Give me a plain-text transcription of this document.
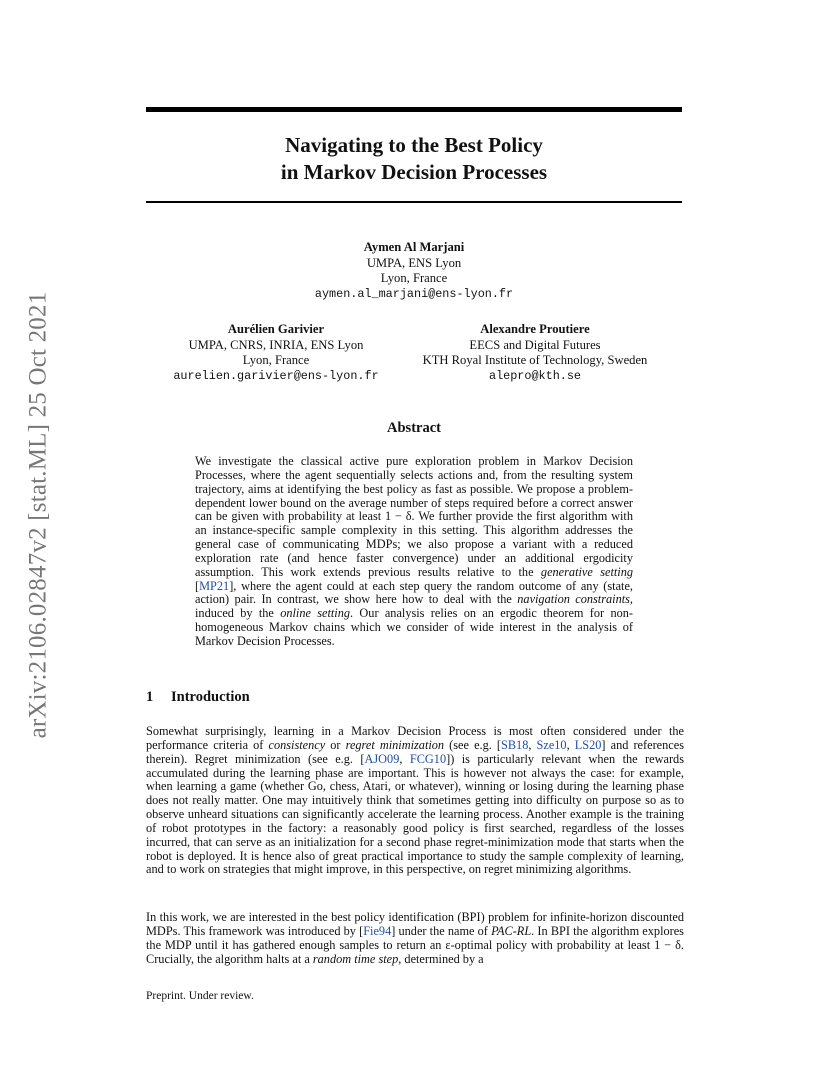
arXiv:2106.02847v2 [stat.ML] 25 Oct 2021
Navigating to the Best Policy
in Markov Decision Processes
Aymen Al Marjani
UMPA, ENS Lyon
Lyon, France
aymen.al_marjani@ens-lyon.fr
Aurélien Garivier
UMPA, CNRS, INRIA, ENS Lyon
Lyon, France
aurelien.garivier@ens-lyon.fr
Alexandre Proutiere
EECS and Digital Futures
KTH Royal Institute of Technology, Sweden
alepro@kth.se
Abstract
We investigate the classical active pure exploration problem in Markov Decision Processes, where the agent sequentially selects actions and, from the resulting system trajectory, aims at identifying the best policy as fast as possible. We propose a problem-dependent lower bound on the average number of steps required before a correct answer can be given with probability at least 1 − δ. We further provide the first algorithm with an instance-specific sample complexity in this setting. This algorithm addresses the general case of communicating MDPs; we also propose a variant with a reduced exploration rate (and hence faster convergence) under an additional ergodicity assumption. This work extends previous results relative to the generative setting [MP21], where the agent could at each step query the random outcome of any (state, action) pair. In contrast, we show here how to deal with the navigation constraints, induced by the online setting. Our analysis relies on an ergodic theorem for non-homogeneous Markov chains which we consider of wide interest in the analysis of Markov Decision Processes.
1 Introduction
Somewhat surprisingly, learning in a Markov Decision Process is most often considered under the performance criteria of consistency or regret minimization (see e.g. [SB18, Sze10, LS20] and references therein). Regret minimization (see e.g. [AJO09, FCG10]) is particularly relevant when the rewards accumulated during the learning phase are important. This is however not always the case: for example, when learning a game (whether Go, chess, Atari, or whatever), winning or losing during the learning phase does not really matter. One may intuitively think that sometimes getting into difficulty on purpose so as to observe unheard situations can significantly accelerate the learning process. Another example is the training of robot prototypes in the factory: a reasonably good policy is first searched, regardless of the losses incurred, that can serve as an initialization for a second phase regret-minimization mode that starts when the robot is deployed. It is hence also of great practical importance to study the sample complexity of learning, and to work on strategies that might improve, in this perspective, on regret minimizing algorithms.
In this work, we are interested in the best policy identification (BPI) problem for infinite-horizon discounted MDPs. This framework was introduced by [Fie94] under the name of PAC-RL. In BPI the algorithm explores the MDP until it has gathered enough samples to return an ε-optimal policy with probability at least 1 − δ. Crucially, the algorithm halts at a random time step, determined by a
Preprint. Under review.
